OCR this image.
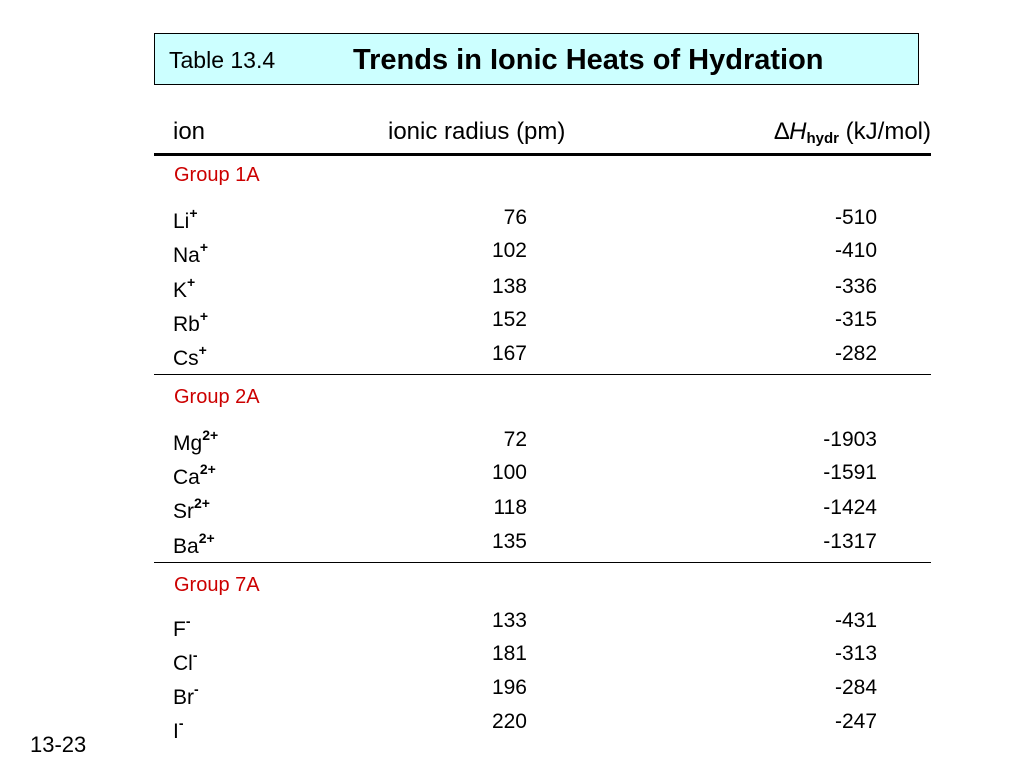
Table 13.4	Trends in Ionic Heats of Hydration
ion	ionic radius (pm)	$\Delta H_{hydr}$ (kJ/mol)
Group 1A
Li+	76	-510
Na+	102	-410
K+	138	-336
Rb+	152	-315
Cs+	167	-282
Group 2A
$Mg^{2+}$	72	-1903
$Ca^{2+}$	100	-1591
$Sr^{2+}$	118	-1424
$Ba^{2+}$	135	-1317
Group 7A
F-	133	-431
Cl-	181	-313
Br-	196	-284
I-	220	-247
13-23
